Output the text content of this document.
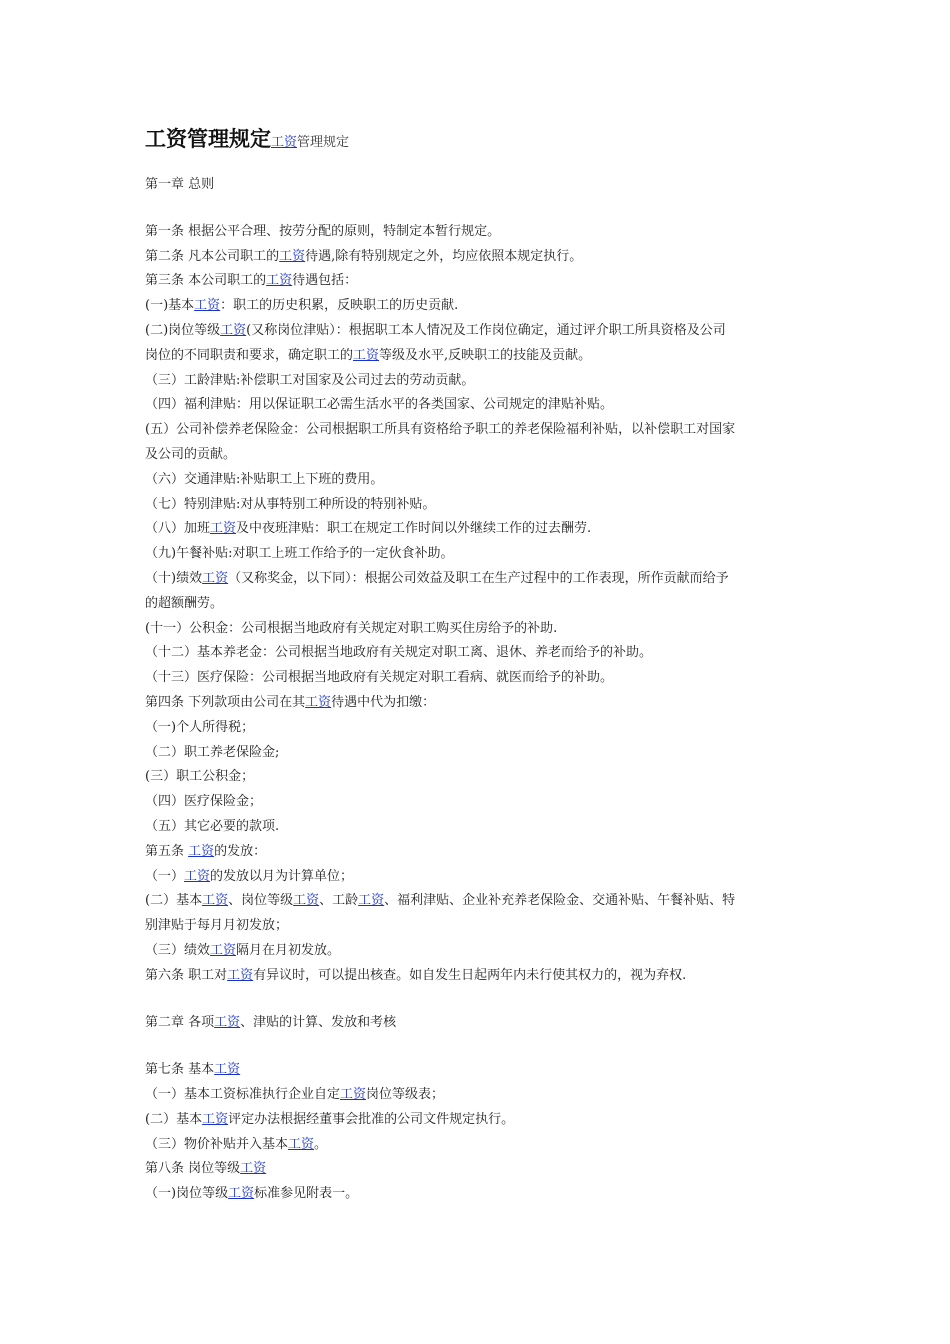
工资管理规定工资管理规定
第一章 总则
第一条 根据公平合理、按劳分配的原则，特制定本暂行规定。
第二条 凡本公司职工的工资待遇,除有特别规定之外，均应依照本规定执行。
第三条 本公司职工的工资待遇包括：
(一)基本工资：职工的历史积累，反映职工的历史贡献.
(二)岗位等级工资(又称岗位津贴）：根据职工本人情况及工作岗位确定，通过评介职工所具资格及公司
岗位的不同职责和要求，确定职工的工资等级及水平,反映职工的技能及贡献。
（三）工龄津贴:补偿职工对国家及公司过去的劳动贡献。
（四）福利津贴：用以保证职工必需生活水平的各类国家、公司规定的津贴补贴。
(五）公司补偿养老保险金：公司根据职工所具有资格给予职工的养老保险福利补贴，以补偿职工对国家
及公司的贡献。
（六）交通津贴:补贴职工上下班的费用。
（七）特别津贴:对从事特别工种所设的特别补贴。
（八）加班工资及中夜班津贴：职工在规定工作时间以外继续工作的过去酬劳.
（九)午餐补贴:对职工上班工作给予的一定伙食补助。
（十)绩效工资（又称奖金，以下同）：根据公司效益及职工在生产过程中的工作表现，所作贡献而给予
的超额酬劳。
(十一）公积金：公司根据当地政府有关规定对职工购买住房给予的补助.
（十二）基本养老金：公司根据当地政府有关规定对职工离、退休、养老而给予的补助。
（十三）医疗保险：公司根据当地政府有关规定对职工看病、就医而给予的补助。
第四条 下列款项由公司在其工资待遇中代为扣缴：
（一)个人所得税；
（二）职工养老保险金;
(三）职工公积金；
（四）医疗保险金；
（五）其它必要的款项.
第五条 工资的发放：
（一）工资的发放以月为计算单位；
(二）基本工资、岗位等级工资、工龄工资、福利津贴、企业补充养老保险金、交通补贴、午餐补贴、特
别津贴于每月月初发放；
（三）绩效工资隔月在月初发放。
第六条 职工对工资有异议时，可以提出核查。如自发生日起两年内未行使其权力的，视为弃权.
第二章 各项工资、津贴的计算、发放和考核
第七条 基本工资
（一）基本工资标准执行企业自定工资岗位等级表；
(二）基本工资评定办法根据经董事会批准的公司文件规定执行。
（三）物价补贴并入基本工资。
第八条 岗位等级工资
（一)岗位等级工资标准参见附表一。
